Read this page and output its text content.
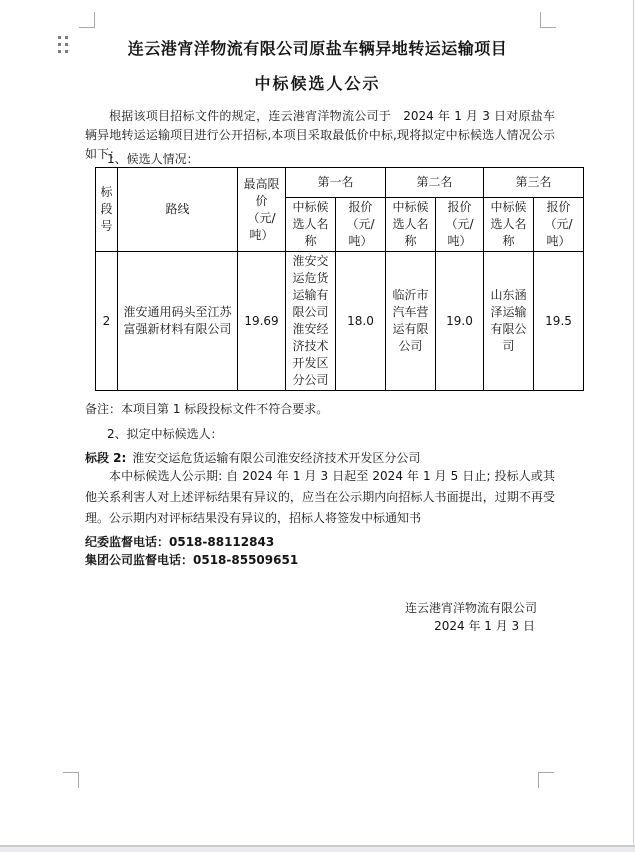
连云港宵洋物流有限公司原盐车辆异地转运运输项目
中标候选人公示
根据该项目招标文件的规定，连云港宵洋物流公司于　2024 年 1 月 3 日对原盐车辆异地转运运输项目进行公开招标,本项目采取最低价中标,现将拟定中标候选人情况公示如下：
1、候选人情况：
标段号	路线	最高限价（元/吨）	第一名		第二名		第三名	
			中标候选人名称	报价（元/吨）	中标候选人名称	报价（元/吨）	中标候选人名称	报价（元/吨）
2	淮安通用码头至江苏富强新材料有限公司	19.69	淮安交运危货运输有限公司淮安经济技术开发区分公司	18.0	临沂市汽车营运有限公司	19.0	山东涵泽运输有限公司	19.5
备注：本项目第 1 标段投标文件不符合要求。
2、拟定中标候选人：
标段 2: 淮安交运危货运输有限公司淮安经济技术开发区分公司
本中标候选人公示期: 自 2024 年 1 月 3 日起至 2024 年 1 月 5 日止; 投标人或其他关系利害人对上述评标结果有异议的，应当在公示期内向招标人书面提出，过期不再受理。公示期内对评标结果没有异议的，招标人将签发中标通知书
纪委监督电话：0518-88112843
集团公司监督电话：0518-85509651
连云港宵洋物流有限公司
2024 年 1 月 3 日
